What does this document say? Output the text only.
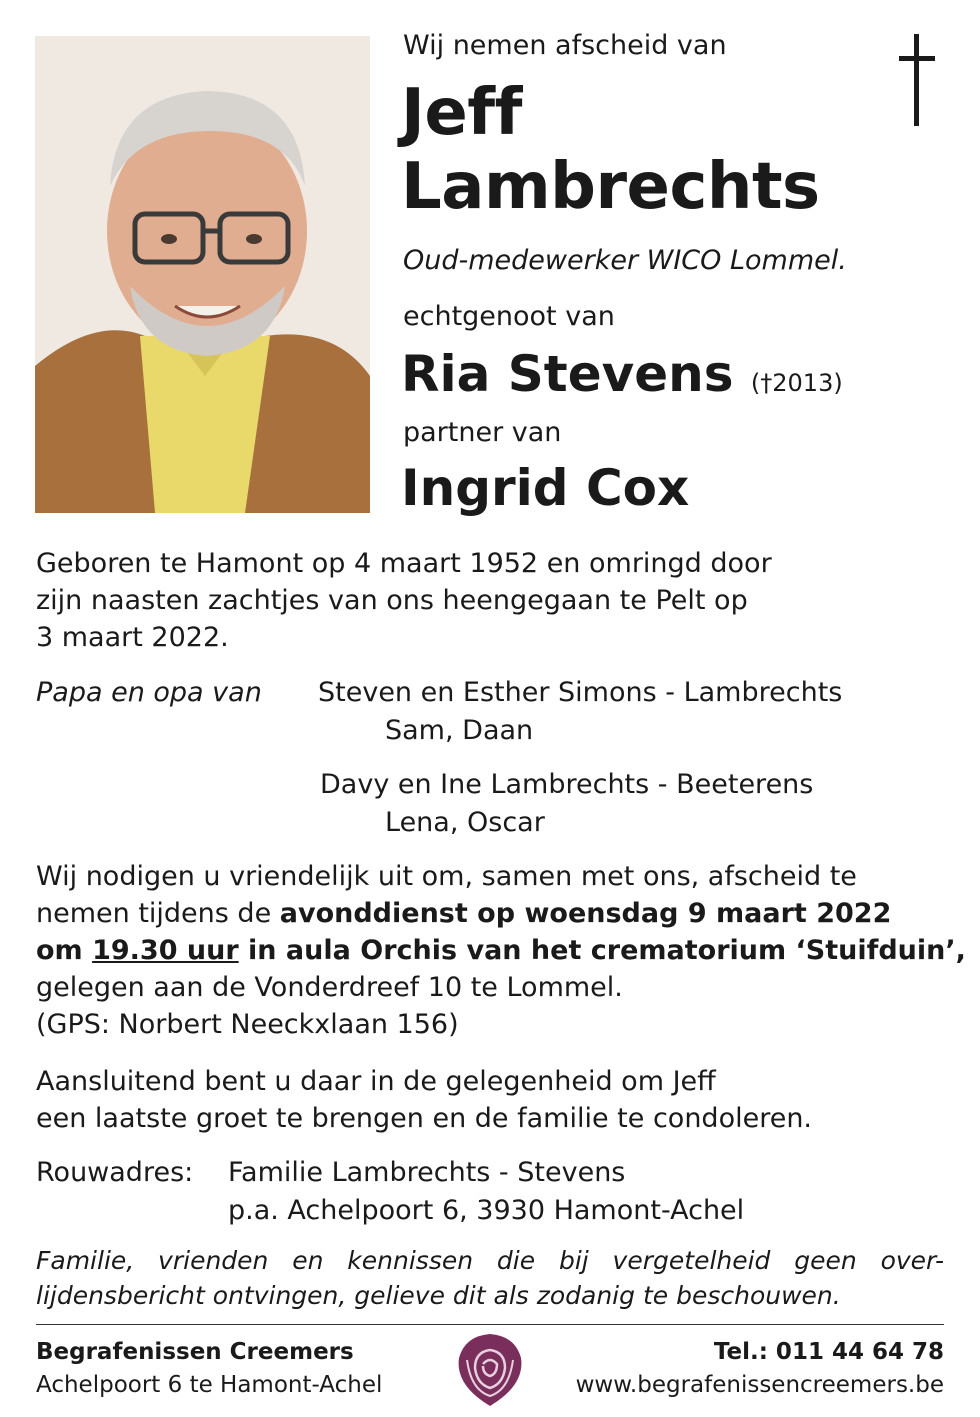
Wij nemen afscheid van
Jeff
Lambrechts
Oud-medewerker WICO Lommel.
echtgenoot van
Ria Stevens (†2013)
partner van
Ingrid Cox
Geboren te Hamont op 4 maart 1952 en omringd door
zijn naasten zachtjes van ons heengegaan te Pelt op
3 maart 2022.
Papa en opa van Steven en Esther Simons - Lambrechts
Sam, Daan
Davy en Ine Lambrechts - Beeterens
Lena, Oscar
Wij nodigen u vriendelijk uit om, samen met ons, afscheid te
nemen tijdens de avonddienst op woensdag 9 maart 2022
om 19.30 uur in aula Orchis van het crematorium ‘Stuifduin’,
gelegen aan de Vonderdreef 10 te Lommel.
(GPS: Norbert Neeckxlaan 156)
Aansluitend bent u daar in de gelegenheid om Jeff
een laatste groet te brengen en de familie te condoleren.
Rouwadres: Familie Lambrechts - Stevens
p.a. Achelpoort 6, 3930 Hamont-Achel
Familie, vrienden en kennissen die bij vergetelheid geen over-
lijdensbericht ontvingen, gelieve dit als zodanig te beschouwen.
Begrafenissen Creemers
Achelpoort 6 te Hamont-Achel
Tel.: 011 44 64 78
www.begrafenissencreemers.be
